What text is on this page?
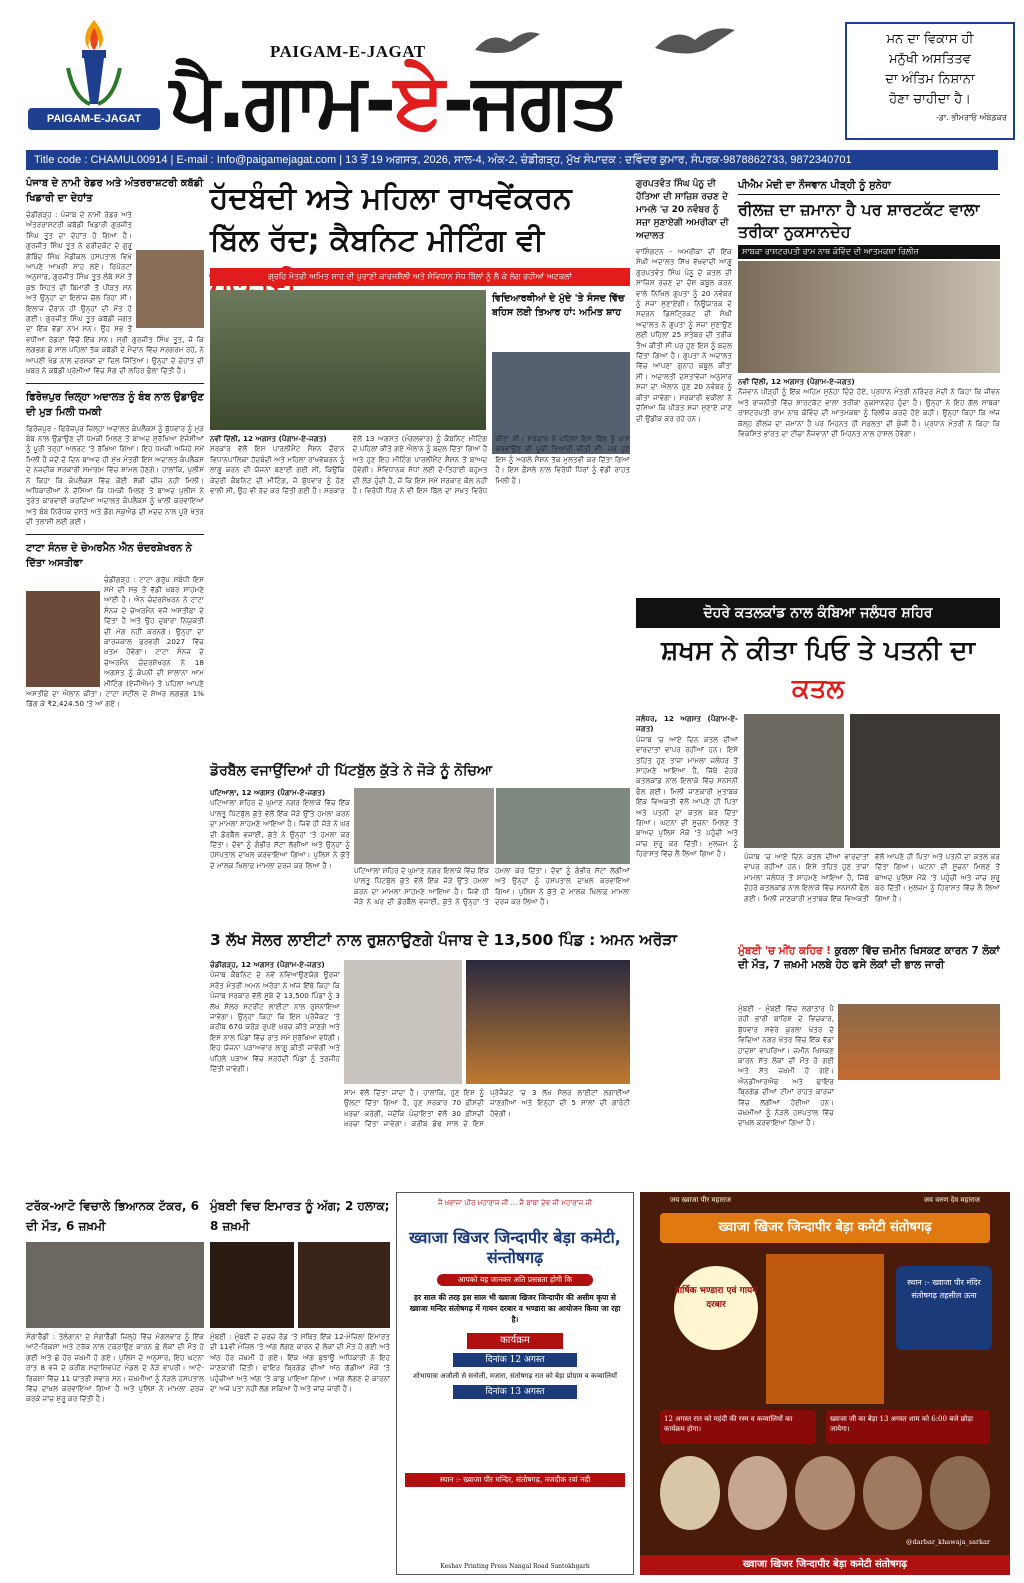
PAIGAM-E-JAGAT
PAIGAM-E-JAGAT
ਪੈ.ਗਾਮ-ਏ-ਜਗਤ
ਮਨ ਦਾ ਵਿਕਾਸ ਹੀ
ਮਨੁੱਖੀ ਅਸਤਿਤਵ
ਦਾ ਅੰਤਿਮ ਨਿਸ਼ਾਨਾ
ਹੋਣਾ ਚਾਹੀਦਾ ਹੈ।
-ਡਾ. ਭੀਮਰਾਓ ਅੰਬੇਡਕਰ
Title code : CHAMUL00914 | E-mail : Info@paigamejagat.com | 13 ਤੋਂ 19 ਅਗਸਤ, 2026, ਸਾਲ-4, ਅੰਕ-2, ਚੰਡੀਗੜ੍ਹ, ਮੁੱਖ ਸੰਪਾਦਕ : ਦਵਿੰਦਰ ਕੁਮਾਰ, ਸੰਪਰਕ-9878862733, 9872340701
ਪੰਜਾਬ ਦੇ ਨਾਮੀ ਰੇਡਰ ਅਤੇ ਅੰਤਰਰਾਸ਼ਟਰੀ ਕਬੱਡੀ ਖਿਡਾਰੀ ਦਾ ਦੇਹਾਂਤ
ਚੰਡੀਗੜ੍ਹ : ਪੰਜਾਬ ਦੇ ਨਾਮੀ ਰੇਡਰ ਅਤੇ ਅੰਤਰਰਾਸ਼ਟਰੀ ਕਬੱਡੀ ਖਿਡਾਰੀ ਗੁਰਜੀਤ ਸਿੰਘ ਤੂਤ ਦਾ ਦੇਹਾਂਤ ਹੋ ਗਿਆ ਹੈ। ਗੁਰਜੀਤ ਸਿੰਘ ਤੂਤ ਨੇ ਫਰੀਦਕੋਟ ਦੇ ਗੁਰੂ ਗੋਬਿੰਦ ਸਿੰਘ ਮੈਡੀਕਲ ਹਸਪਤਾਲ ਵਿਖੇ ਆਪਣੇ ਆਖ਼ਰੀ ਸਾਹ ਲਏ। ਰਿਪੋਰਟਾਂ ਅਨੁਸਾਰ, ਗੁਰਜੀਤ ਸਿੰਘ ਤੂਤ ਲੰਬੇ ਸਮੇਂ ਤੋਂ ਕੁਝ ਸਿਹਤ ਦੀ ਬਿਮਾਰੀ ਤੋਂ ਪੀੜਤ ਸਨ ਅਤੇ ਉਨ੍ਹਾਂ ਦਾ ਇਲਾਜ ਚੱਲ ਰਿਹਾ ਸੀ। ਇਲਾਜ ਦੌਰਾਨ ਹੀ ਉਨ੍ਹਾਂ ਦੀ ਮੌਤ ਹੋ ਗਈ। ਗੁਰਜੀਤ ਸਿੰਘ ਤੂਤ ਕਬੱਡੀ ਜਗਤ ਦਾ ਇੱਕ ਵੱਡਾ ਨਾਮ ਸਨ। ਉਹ ਸਭ ਤੋਂ ਵਧੀਆ ਰੇਡਰਾਂ ਵਿੱਚੋਂ ਇੱਕ ਸਨ। ਸ੍ਰੀ ਗੁਰਜੀਤ ਸਿੰਘ ਤੂਤ, ਜੋ ਕਿ ਲਗਭਗ ਛੇ ਸਾਲ ਪਹਿਲਾਂ ਤੱਕ ਕਬੱਡੀ ਦੇ ਮੈਦਾਨ ਵਿੱਚ ਸਰਗਰਮ ਰਹੇ, ਨੇ ਆਪਣੀ ਖੇਡ ਨਾਲ ਦਰਸ਼ਕਾਂ ਦਾ ਦਿਲ ਜਿੱਤਿਆ। ਉਨ੍ਹਾਂ ਦੇ ਦੇਹਾਂਤ ਦੀ ਖ਼ਬਰ ਨੇ ਕਬੱਡੀ ਪ੍ਰੇਮੀਆਂ ਵਿੱਚ ਸੋਗ ਦੀ ਲਹਿਰ ਫੈਲਾ ਦਿੱਤੀ ਹੈ।
ਫਿਰੋਜ਼ਪੁਰ ਜ਼ਿਲ੍ਹਾ ਅਦਾਲਤ ਨੂੰ ਬੰਬ ਨਾਲ ਉਡਾਉਣ ਦੀ ਮੁੜ ਮਿਲੀ ਧਮਕੀ
ਫਿਰੋਜ਼ਪੁਰ - ਫਿਰੋਜ਼ਪੁਰ ਜ਼ਿਲ੍ਹਾ ਅਦਾਲਤ ਕੰਪਲੈਕਸ ਨੂੰ ਬੁੱਧਵਾਰ ਨੂੰ ਮੁੜ ਬੰਬ ਨਾਲ ਉਡਾਉਣ ਦੀ ਧਮਕੀ ਮਿਲਣ ਤੋਂ ਬਾਅਦ ਸੁਰੱਖਿਆ ਏਜੰਸੀਆਂ ਨੂੰ ਪੂਰੀ ਤਰ੍ਹਾਂ ਅਲਰਟ 'ਤੇ ਰੱਖਿਆ ਗਿਆ। ਇਹ ਧਮਕੀ ਅਜਿਹੇ ਸਮੇਂ ਮਿਲੀ ਹੈ ਜਦੋਂ ਦੋ ਦਿਨ ਬਾਅਦ ਹੀ ਮੁੱਖ ਮੰਤਰੀ ਇਸ ਅਦਾਲਤ ਕੰਪਲੈਕਸ ਦੇ ਨਜ਼ਦੀਕ ਸਰਕਾਰੀ ਸਮਾਗਮ ਵਿੱਚ ਸ਼ਾਮਲ ਹੋਣਗੇ। ਹਾਲਾਂਕਿ, ਪੁਲੀਸ ਨੇ ਕਿਹਾ ਕਿ ਕੰਪਲੈਕਸ ਵਿੱਚ ਕੋਈ ਸ਼ੱਕੀ ਚੀਜ਼ ਨਹੀਂ ਮਿਲੀ। ਅਧਿਕਾਰੀਆਂ ਨੇ ਦੱਸਿਆ ਕਿ ਧਮਕੀ ਮਿਲਣ ਤੋਂ ਬਾਅਦ ਪੁਲੀਸ ਨੇ ਤੁਰੰਤ ਕਾਰਵਾਈ ਕਰਦਿਆਂ ਅਦਾਲਤ ਕੰਪਲੈਕਸ ਨੂੰ ਖਾਲੀ ਕਰਵਾਇਆ ਅਤੇ ਬੰਬ ਨਿਰੋਧਕ ਦਸਤੇ ਅਤੇ ਡੌਗ ਸਕੁਐਡ ਦੀ ਮਦਦ ਨਾਲ ਪੂਰੇ ਖੇਤਰ ਦੀ ਤਲਾਸ਼ੀ ਲਈ ਗਈ।
ਟਾਟਾ ਸੰਨਜ਼ ਦੇ ਚੇਅਰਮੈਨ ਐਨ ਚੰਦਰਸ਼ੇਖਰਨ ਨੇ ਦਿੱਤਾ ਅਸਤੀਫਾ
ਚੰਡੀਗੜ੍ਹ : ਟਾਟਾ ਗਰੁੱਪ ਸਬੰਧੀ ਇਸ ਸਮੇਂ ਦੀ ਸਭ ਤੋਂ ਵੱਡੀ ਖ਼ਬਰ ਸਾਹਮਣੇ ਆਈ ਹੈ। ਐਨ ਚੰਦਰਸ਼ੇਖਰਨ ਨੇ ਟਾਟਾ ਸੰਨਜ਼ ਦੇ ਚੇਅਰਮੈਨ ਵਜੋਂ ਅਸਤੀਫ਼ਾ ਦੇ ਦਿੱਤਾ ਹੈ ਅਤੇ ਉਹ ਦੁਬਾਰਾ ਨਿਯੁਕਤੀ ਦੀ ਮੰਗ ਨਹੀਂ ਕਰਨਗੇ। ਉਨ੍ਹਾਂ ਦਾ ਕਾਰਜਕਾਲ ਫਰਵਰੀ 2027 ਵਿੱਚ ਖ਼ਤਮ ਹੋਵੇਗਾ। ਟਾਟਾ ਸੰਨਜ਼ ਦੇ ਚੇਅਰਮੈਨ ਚੰਦਰਸ਼ੇਖਰਨ ਨੇ 18 ਅਗਸਤ ਨੂੰ ਕੰਪਨੀ ਦੀ ਸਾਲਾਨਾ ਆਮ ਮੀਟਿੰਗ (ਏਜੀਐਮ) ਤੋਂ ਪਹਿਲਾਂ ਆਪਣੇ ਅਸਤੀਫ਼ੇ ਦਾ ਐਲਾਨ ਕੀਤਾ। ਟਾਟਾ ਸਟੀਲ ਦੇ ਸ਼ੇਅਰ ਲਗਭਗ 1% ਡਿੱਗ ਕੇ ₹2,424.50 'ਤੇ ਆ ਗਏ।
ਹੱਦਬੰਦੀ ਅਤੇ ਮਹਿਲਾ ਰਾਖਵੇਂਕਰਨ ਬਿੱਲ ਰੱਦ; ਕੈਬਨਿਟ ਮੀਟਿੰਗ ਵੀ
ਗ੍ਰਹਿ ਮੰਤਰੀ ਅਮਿਤ ਸ਼ਾਹ ਦੀ ਪੁਰਾਣੀ ਕਾਰਜਸ਼ੈਲੀ ਅਤੇ ਸੰਵਿਧਾਨ ਸੋਧ ਬਿੱਲਾਂ ਨੂੰ ਲੈ ਕੇ ਲੱਗ ਰਹੀਆਂ ਅਟਕਲਾਂ
ਵਿਦਿਆਰਥੀਆਂ ਦੇ ਮੁੱਦੇ 'ਤੇ ਸੰਸਦ ਵਿੱਚ ਬਹਿਸ ਲਈ ਤਿਆਰ ਹਾਂ: ਅਮਿਤ ਸ਼ਾਹ
ਨਵੀਂ ਦਿੱਲੀ, 12 ਅਗਸਤ (ਪੈਗਾਮ-ਏ-ਜਗਤ)
ਸਰਕਾਰ ਵੱਲੋਂ ਇਸ ਪਾਰਲੀਮੈਂਟ ਸੈਸ਼ਨ ਦੌਰਾਨ ਵਿਧਾਨਪਾਲਿਕਾ ਹੱਦਬੰਦੀ ਅਤੇ ਮਹਿਲਾ ਰਾਖਵੇਂਕਰਨ ਨੂੰ ਲਾਗੂ ਕਰਨ ਦੀ ਯੋਜਨਾ ਬਣਾਈ ਗਈ ਸੀ, ਕਿਉਂਕਿ ਕੇਂਦਰੀ ਕੈਬਨਿਟ ਦੀ ਮੀਟਿੰਗ, ਜੋ ਬੁੱਧਵਾਰ ਨੂੰ ਹੋਣ ਵਾਲੀ ਸੀ, ਉਹ ਵੀ ਰੱਦ ਕਰ ਦਿੱਤੀ ਗਈ ਹੈ। ਸਰਕਾਰ ਵੱਲੋਂ 13 ਅਗਸਤ (ਮੰਗਲਵਾਰ) ਨੂੰ ਕੈਬਨਿਟ ਮੀਟਿੰਗ ਦੇ ਪਹਿਲਾਂ ਕੀਤੇ ਗਏ ਐਲਾਨ ਨੂੰ ਬਦਲ ਦਿੱਤਾ ਗਿਆ ਹੈ ਅਤੇ ਹੁਣ ਇਹ ਮੀਟਿੰਗ ਪਾਰਲੀਮੈਂਟ ਸੈਸ਼ਨ ਤੋਂ ਬਾਅਦ ਹੋਵੇਗੀ। ਸੰਵਿਧਾਨਕ ਸੋਧਾਂ ਲਈ ਦੋ-ਤਿਹਾਈ ਬਹੁਮਤ ਦੀ ਲੋੜ ਹੁੰਦੀ ਹੈ, ਜੋ ਕਿ ਇਸ ਸਮੇਂ ਸਰਕਾਰ ਕੋਲ ਨਹੀਂ ਹੈ। ਵਿਰੋਧੀ ਧਿਰ ਨੇ ਵੀ ਇਸ ਬਿੱਲ ਦਾ ਸਖ਼ਤ ਵਿਰੋਧ ਕੀਤਾ ਸੀ। ਸਰਕਾਰ ਨੇ ਪਹਿਲਾਂ ਇਸ ਬਿੱਲ ਨੂੰ ਪਾਸ ਕਰਵਾਉਣ ਦੀ ਪੂਰੀ ਤਿਆਰੀ ਕੀਤੀ ਸੀ, ਪਰ ਹੁਣ ਇਸ ਨੂੰ ਅਗਲੇ ਸੈਸ਼ਨ ਤੱਕ ਮੁਲਤਵੀ ਕਰ ਦਿੱਤਾ ਗਿਆ ਹੈ। ਇਸ ਫ਼ੈਸਲੇ ਨਾਲ ਵਿਰੋਧੀ ਧਿਰਾਂ ਨੂੰ ਵੱਡੀ ਰਾਹਤ ਮਿਲੀ ਹੈ।
ਗੁਰਪਤਵੰਤ ਸਿੰਘ ਪੰਨੂ ਦੀ ਹੱਤਿਆ ਦੀ ਸਾਜ਼ਿਸ਼ ਰਚਣ ਦੇ ਮਾਮਲੇ 'ਚ 20 ਨਵੰਬਰ ਨੂੰ ਸਜ਼ਾ ਸੁਣਾਏਗੀ ਅਮਰੀਕਾ ਦੀ ਅਦਾਲਤ
ਵਾਸ਼ਿੰਗਟਨ - ਅਮਰੀਕਾ ਦੀ ਇੱਕ ਸੰਘੀ ਅਦਾਲਤ ਸਿੱਖ ਵੱਖਵਾਦੀ ਆਗੂ ਗੁਰਪਤਵੰਤ ਸਿੰਘ ਪੰਨੂ ਦੇ ਕਤਲ ਦੀ ਸਾਜ਼ਿਸ਼ ਰਚਣ ਦਾ ਦੋਸ਼ ਕਬੂਲ ਕਰਨ ਵਾਲੇ ਨਿਖਿਲ ਗੁਪਤਾ ਨੂੰ 20 ਨਵੰਬਰ ਨੂੰ ਸਜ਼ਾ ਸੁਣਾਏਗੀ। ਨਿਊਯਾਰਕ ਦੇ ਸਦਰਨ ਡਿਸਟ੍ਰਿਕਟ ਦੀ ਸੰਘੀ ਅਦਾਲਤ ਨੇ ਗੁਪਤਾ ਨੂੰ ਸਜ਼ਾ ਸੁਣਾਉਣ ਲਈ ਪਹਿਲਾਂ 25 ਸਤੰਬਰ ਦੀ ਤਰੀਕ ਤੈਅ ਕੀਤੀ ਸੀ ਪਰ ਹੁਣ ਇਸ ਨੂੰ ਬਦਲ ਦਿੱਤਾ ਗਿਆ ਹੈ। ਗੁਪਤਾ ਨੇ ਅਦਾਲਤ ਵਿੱਚ ਆਪਣਾ ਗੁਨਾਹ ਕਬੂਲ ਕੀਤਾ ਸੀ। ਅਦਾਲਤੀ ਦਸਤਾਵੇਜ਼ਾਂ ਅਨੁਸਾਰ ਸਜ਼ਾ ਦਾ ਐਲਾਨ ਹੁਣ 20 ਨਵੰਬਰ ਨੂੰ ਕੀਤਾ ਜਾਵੇਗਾ। ਸਰਕਾਰੀ ਵਕੀਲਾਂ ਨੇ ਦੱਸਿਆ ਕਿ ਪੀੜਤ ਸਜ਼ਾ ਸੁਣਾਏ ਜਾਣ ਦੀ ਉਡੀਕ ਕਰ ਰਹੇ ਹਨ।
ਪੀਐਮ ਮੋਦੀ ਦਾ ਨੌਜਵਾਨ ਪੀੜ੍ਹੀ ਨੂੰ ਸੁਨੇਹਾ
ਰੀਲਜ਼ ਦਾ ਜ਼ਮਾਨਾ ਹੈ ਪਰ ਸ਼ਾਰਟਕੱਟ ਵਾਲਾ ਤਰੀਕਾ ਨੁਕਸਾਨਦੇਹ
ਸਾਬਕਾ ਰਾਸ਼ਟਰਪਤੀ ਰਾਮ ਨਾਥ ਕੋਵਿੰਦ ਦੀ ਆਤਮਕਥਾ ਰਿਲੀਜ਼
ਨਵੀਂ ਦਿੱਲੀ, 12 ਅਗਸਤ (ਪੈਗਾਮ-ਏ-ਜਗਤ)
ਨੌਜਵਾਨ ਪੀੜ੍ਹੀ ਨੂੰ ਇੱਕ ਅਹਿਮ ਸੁਨੇਹਾ ਦਿੰਦੇ ਹੋਏ, ਪ੍ਰਧਾਨ ਮੰਤਰੀ ਨਰਿੰਦਰ ਮੋਦੀ ਨੇ ਕਿਹਾ ਕਿ ਜੀਵਨ ਅਤੇ ਰਾਜਨੀਤੀ ਵਿੱਚ ਸ਼ਾਰਟਕੱਟ ਵਾਲਾ ਤਰੀਕਾ ਨੁਕਸਾਨਦੇਹ ਹੁੰਦਾ ਹੈ। ਉਨ੍ਹਾਂ ਨੇ ਇਹ ਗੱਲ ਸਾਬਕਾ ਰਾਸ਼ਟਰਪਤੀ ਰਾਮ ਨਾਥ ਕੋਵਿੰਦ ਦੀ ਆਤਮਕਥਾ ਨੂੰ ਰਿਲੀਜ਼ ਕਰਦੇ ਹੋਏ ਕਹੀ। ਉਨ੍ਹਾਂ ਕਿਹਾ ਕਿ ਅੱਜ ਕੱਲ੍ਹ ਰੀਲਜ਼ ਦਾ ਜ਼ਮਾਨਾ ਹੈ ਪਰ ਮਿਹਨਤ ਹੀ ਸਫ਼ਲਤਾ ਦੀ ਕੁੰਜੀ ਹੈ। ਪ੍ਰਧਾਨ ਮੰਤਰੀ ਨੇ ਕਿਹਾ ਕਿ ਵਿਕਸਿਤ ਭਾਰਤ ਦਾ ਟੀਚਾ ਨੌਜਵਾਨਾਂ ਦੀ ਮਿਹਨਤ ਨਾਲ ਹਾਸਲ ਹੋਵੇਗਾ।
ਦੋਹਰੇ ਕਤਲਕਾਂਡ ਨਾਲ ਕੰਬਿਆ ਜਲੰਧਰ ਸ਼ਹਿਰ
ਸ਼ਖਸ ਨੇ ਕੀਤਾ ਪਿਓ ਤੇ ਪਤਨੀ ਦਾ ਕਤਲ
ਜਲੰਧਰ, 12 ਅਗਸਤ (ਪੈਗਾਮ-ਏ-ਜਗਤ)
ਪੰਜਾਬ 'ਚ ਆਏ ਦਿਨ ਕਤਲ ਦੀਆਂ ਵਾਰਦਾਤਾਂ ਵਾਪਰ ਰਹੀਆਂ ਹਨ। ਇਸੇ ਤਹਿਤ ਹੁਣ ਤਾਜ਼ਾ ਮਾਮਲਾ ਜਲੰਧਰ ਤੋਂ ਸਾਹਮਣੇ ਆਇਆ ਹੈ, ਜਿੱਥੇ ਦੋਹਰੇ ਕਤਲਕਾਂਡ ਨਾਲ ਇਲਾਕੇ ਵਿੱਚ ਸਨਸਨੀ ਫੈਲ ਗਈ। ਮਿਲੀ ਜਾਣਕਾਰੀ ਮੁਤਾਬਕ ਇੱਕ ਵਿਅਕਤੀ ਵੱਲੋਂ ਆਪਣੇ ਹੀ ਪਿਤਾ ਅਤੇ ਪਤਨੀ ਦਾ ਕਤਲ ਕਰ ਦਿੱਤਾ ਗਿਆ। ਘਟਨਾ ਦੀ ਸੂਚਨਾ ਮਿਲਣ ਤੋਂ ਬਾਅਦ ਪੁਲਿਸ ਮੌਕੇ 'ਤੇ ਪਹੁੰਚੀ ਅਤੇ ਜਾਂਚ ਸ਼ੁਰੂ ਕਰ ਦਿੱਤੀ। ਮੁਲਜ਼ਮ ਨੂੰ ਹਿਰਾਸਤ ਵਿੱਚ ਲੈ ਲਿਆ ਗਿਆ ਹੈ।	ਪੰਜਾਬ 'ਚ ਆਏ ਦਿਨ ਕਤਲ ਦੀਆਂ ਵਾਰਦਾਤਾਂ ਵਾਪਰ ਰਹੀਆਂ ਹਨ। ਇਸੇ ਤਹਿਤ ਹੁਣ ਤਾਜ਼ਾ ਮਾਮਲਾ ਜਲੰਧਰ ਤੋਂ ਸਾਹਮਣੇ ਆਇਆ ਹੈ, ਜਿੱਥੇ ਦੋਹਰੇ ਕਤਲਕਾਂਡ ਨਾਲ ਇਲਾਕੇ ਵਿੱਚ ਸਨਸਨੀ ਫੈਲ ਗਈ। ਮਿਲੀ ਜਾਣਕਾਰੀ ਮੁਤਾਬਕ ਇੱਕ ਵਿਅਕਤੀ ਵੱਲੋਂ ਆਪਣੇ ਹੀ ਪਿਤਾ ਅਤੇ ਪਤਨੀ ਦਾ ਕਤਲ ਕਰ ਦਿੱਤਾ ਗਿਆ। ਘਟਨਾ ਦੀ ਸੂਚਨਾ ਮਿਲਣ ਤੋਂ ਬਾਅਦ ਪੁਲਿਸ ਮੌਕੇ 'ਤੇ ਪਹੁੰਚੀ ਅਤੇ ਜਾਂਚ ਸ਼ੁਰੂ ਕਰ ਦਿੱਤੀ। ਮੁਲਜ਼ਮ ਨੂੰ ਹਿਰਾਸਤ ਵਿੱਚ ਲੈ ਲਿਆ ਗਿਆ ਹੈ।
ਮੁੰਬਈ 'ਚ ਮੀਂਹ ਕਹਿਰ ! ਕੁਰਲਾ ਵਿੱਚ ਜ਼ਮੀਨ ਖਿਸਕਣ ਕਾਰਨ 7 ਲੋਕਾਂ ਦੀ ਮੌਤ, 7 ਜ਼ਖ਼ਮੀ ਮਲਬੇ ਹੇਠ ਫਸੇ ਲੋਕਾਂ ਦੀ ਭਾਲ ਜਾਰੀ
ਮੁੰਬਈ - ਮੁੰਬਈ ਵਿੱਚ ਲਗਾਤਾਰ ਪੈ ਰਹੀ ਭਾਰੀ ਬਾਰਿਸ਼ ਦੇ ਵਿਚਕਾਰ, ਬੁੱਧਵਾਰ ਸਵੇਰੇ ਕੁਰਲਾ ਖੇਤਰ ਦੇ ਵਿਦਿਆ ਨਗਰ ਖੇਤਰ ਵਿੱਚ ਇੱਕ ਵੱਡਾ ਹਾਦਸਾ ਵਾਪਰਿਆ। ਜ਼ਮੀਨ ਖਿਸਕਣ ਕਾਰਨ ਸੱਤ ਲੋਕਾਂ ਦੀ ਮੌਤ ਹੋ ਗਈ ਅਤੇ ਸੱਤ ਜ਼ਖ਼ਮੀ ਹੋ ਗਏ। ਐਨਡੀਆਰਐਫ ਅਤੇ ਫਾਇਰ ਬ੍ਰਿਗੇਡ ਦੀਆਂ ਟੀਮਾਂ ਰਾਹਤ ਕਾਰਜਾਂ ਵਿੱਚ ਲੱਗੀਆਂ ਹੋਈਆਂ ਹਨ। ਜ਼ਖ਼ਮੀਆਂ ਨੂੰ ਨੇੜਲੇ ਹਸਪਤਾਲ ਵਿੱਚ ਦਾਖ਼ਲ ਕਰਵਾਇਆ ਗਿਆ ਹੈ।
ਡੋਰਬੈੱਲ ਵਜਾਉਂਦਿਆਂ ਹੀ ਪਿੱਟਬੁੱਲ ਕੁੱਤੇ ਨੇ ਜੋੜੇ ਨੂੰ ਨੋਚਿਆ
ਪਟਿਆਲਾ, 12 ਅਗਸਤ (ਪੈਗਾਮ-ਏ-ਜਗਤ)
ਪਟਿਆਲਾ ਸ਼ਹਿਰ ਦੇ ਘੁਮਾਣ ਨਗਰ ਇਲਾਕੇ ਵਿੱਚ ਇੱਕ ਪਾਲਤੂ ਪਿੱਟਬੁੱਲ ਕੁੱਤੇ ਵੱਲੋਂ ਇੱਕ ਜੋੜੇ ਉੱਤੇ ਹਮਲਾ ਕਰਨ ਦਾ ਮਾਮਲਾ ਸਾਹਮਣੇ ਆਇਆ ਹੈ। ਜਿਵੇਂ ਹੀ ਜੋੜੇ ਨੇ ਘਰ ਦੀ ਡੋਰਬੈੱਲ ਵਜਾਈ, ਕੁੱਤੇ ਨੇ ਉਨ੍ਹਾਂ 'ਤੇ ਹਮਲਾ ਕਰ ਦਿੱਤਾ। ਦੋਵਾਂ ਨੂੰ ਗੰਭੀਰ ਸੱਟਾਂ ਲੱਗੀਆਂ ਅਤੇ ਉਨ੍ਹਾਂ ਨੂੰ ਹਸਪਤਾਲ ਦਾਖ਼ਲ ਕਰਵਾਇਆ ਗਿਆ। ਪੁਲਿਸ ਨੇ ਕੁੱਤੇ ਦੇ ਮਾਲਕ ਖ਼ਿਲਾਫ਼ ਮਾਮਲਾ ਦਰਜ ਕਰ ਲਿਆ ਹੈ।
ਪਟਿਆਲਾ ਸ਼ਹਿਰ ਦੇ ਘੁਮਾਣ ਨਗਰ ਇਲਾਕੇ ਵਿੱਚ ਇੱਕ ਪਾਲਤੂ ਪਿੱਟਬੁੱਲ ਕੁੱਤੇ ਵੱਲੋਂ ਇੱਕ ਜੋੜੇ ਉੱਤੇ ਹਮਲਾ ਕਰਨ ਦਾ ਮਾਮਲਾ ਸਾਹਮਣੇ ਆਇਆ ਹੈ। ਜਿਵੇਂ ਹੀ ਜੋੜੇ ਨੇ ਘਰ ਦੀ ਡੋਰਬੈੱਲ ਵਜਾਈ, ਕੁੱਤੇ ਨੇ ਉਨ੍ਹਾਂ 'ਤੇ ਹਮਲਾ ਕਰ ਦਿੱਤਾ। ਦੋਵਾਂ ਨੂੰ ਗੰਭੀਰ ਸੱਟਾਂ ਲੱਗੀਆਂ ਅਤੇ ਉਨ੍ਹਾਂ ਨੂੰ ਹਸਪਤਾਲ ਦਾਖ਼ਲ ਕਰਵਾਇਆ ਗਿਆ। ਪੁਲਿਸ ਨੇ ਕੁੱਤੇ ਦੇ ਮਾਲਕ ਖ਼ਿਲਾਫ਼ ਮਾਮਲਾ ਦਰਜ ਕਰ ਲਿਆ ਹੈ।
3 ਲੱਖ ਸੋਲਰ ਲਾਈਟਾਂ ਨਾਲ ਰੁਸ਼ਨਾਉਣਗੇ ਪੰਜਾਬ ਦੇ 13,500 ਪਿੰਡ : ਅਮਨ ਅਰੋੜਾ
ਚੰਡੀਗੜ੍ਹ, 12 ਅਗਸਤ (ਪੈਗਾਮ-ਏ-ਜਗਤ)
ਪੰਜਾਬ ਕੈਬਨਿਟ ਦੇ ਨਵੇਂ ਨਵਿਆਉਣਯੋਗ ਊਰਜਾ ਸਰੋਤ ਮੰਤਰੀ ਅਮਨ ਅਰੋੜਾ ਨੇ ਅੱਜ ਇੱਥੇ ਕਿਹਾ ਕਿ ਪੰਜਾਬ ਸਰਕਾਰ ਵੱਲੋਂ ਸੂਬੇ ਦੇ 13,500 ਪਿੰਡਾਂ ਨੂੰ 3 ਲੱਖ ਸੋਲਰ ਸਟਰੀਟ ਲਾਈਟਾਂ ਨਾਲ ਰੁਸ਼ਨਾਇਆ ਜਾਵੇਗਾ। ਉਨ੍ਹਾਂ ਕਿਹਾ ਕਿ ਇਸ ਪ੍ਰੋਜੈਕਟ 'ਤੇ ਕਰੀਬ 670 ਕਰੋੜ ਰੁਪਏ ਖ਼ਰਚ ਕੀਤੇ ਜਾਣਗੇ ਅਤੇ ਇਸ ਨਾਲ ਪਿੰਡਾਂ ਵਿੱਚ ਰਾਤ ਸਮੇਂ ਸੁਰੱਖਿਆ ਵਧੇਗੀ। ਇਹ ਯੋਜਨਾ ਪੜਾਅਵਾਰ ਲਾਗੂ ਕੀਤੀ ਜਾਵੇਗੀ ਅਤੇ ਪਹਿਲੇ ਪੜਾਅ ਵਿੱਚ ਸਰਹੱਦੀ ਪਿੰਡਾਂ ਨੂੰ ਤਰਜੀਹ ਦਿੱਤੀ ਜਾਵੇਗੀ।
ਸ਼ਾਮ ਵੱਲੋਂ ਦਿੱਤਾ ਜਾਂਦਾ ਹੈ। ਹਾਲਾਂਕਿ, ਹੁਣ ਇਸ ਨੂੰ ਉਲਟਾ ਦਿੱਤਾ ਗਿਆ ਹੈ, ਹੁਣ ਸਰਕਾਰ 70 ਫ਼ੀਸਦੀ ਖ਼ਰਚਾ ਕਰੇਗੀ, ਜਦੋਂਕਿ ਪੰਚਾਇਤਾਂ ਵੱਲੋਂ 30 ਫ਼ੀਸਦੀ ਖ਼ਰਚਾ ਦਿੱਤਾ ਜਾਵੇਗਾ। ਕਰੀਬ ਡੇਢ ਸਾਲ ਦੇ ਇਸ ਪ੍ਰੋਜੈਕਟ 'ਚ 3 ਲੱਖ ਸੋਲਰ ਲਾਈਟਾਂ ਲਗਾਈਆਂ ਜਾਣਗੀਆਂ ਅਤੇ ਇਨ੍ਹਾਂ ਦੀ 5 ਸਾਲਾਂ ਦੀ ਗਾਰੰਟੀ ਹੋਵੇਗੀ।
ਟਰੱਕ-ਆਟੋ ਵਿਚਾਲੇ ਭਿਆਨਕ ਟੱਕਰ, 6 ਦੀ ਮੌਤ, 6 ਜ਼ਖ਼ਮੀ
ਸੰਗਾਰੈੱਡੀ : ਤੇਲੰਗਾਨਾ ਦੇ ਸੰਗਾਰੈੱਡੀ ਜ਼ਿਲ੍ਹੇ ਵਿੱਚ ਮੰਗਲਵਾਰ ਨੂੰ ਇੱਕ ਆਟੋ-ਰਿਕਸ਼ਾ ਅਤੇ ਟਰੱਕ ਨਾਲ ਟਕਰਾਉਣ ਕਾਰਨ ਛੇ ਲੋਕਾਂ ਦੀ ਮੌਤ ਹੋ ਗਈ ਅਤੇ ਛੇ ਹੋਰ ਜ਼ਖ਼ਮੀ ਹੋ ਗਏ। ਪੁਲਿਸ ਦੇ ਅਨੁਸਾਰ, ਇਹ ਘਟਨਾ ਰਾਤ 8 ਵਜੇ ਦੇ ਕਰੀਬ ਸਦਾਸ਼ਿਵਪੇਟ ਮੰਡਲ ਦੇ ਨੇੜੇ ਵਾਪਰੀ। ਆਟੋ-ਰਿਕਸ਼ਾ ਵਿੱਚ 11 ਯਾਤਰੀ ਸਵਾਰ ਸਨ। ਜ਼ਖ਼ਮੀਆਂ ਨੂੰ ਨੇੜਲੇ ਹਸਪਤਾਲ ਵਿੱਚ ਦਾਖ਼ਲ ਕਰਵਾਇਆ ਗਿਆ ਹੈ ਅਤੇ ਪੁਲਿਸ ਨੇ ਮਾਮਲਾ ਦਰਜ ਕਰਕੇ ਜਾਂਚ ਸ਼ੁਰੂ ਕਰ ਦਿੱਤੀ ਹੈ।
ਮੁੰਬਈ ਵਿਚ ਇਮਾਰਤ ਨੂੰ ਅੱਗ; 2 ਹਲਾਕ; 8 ਜ਼ਖ਼ਮੀ
ਮੁੰਬਈ : ਮੁੰਬਈ ਦੇ ਚਰਚ ਰੋਡ 'ਤੇ ਸਥਿਤ ਇੱਕ 12-ਮੰਜ਼ਿਲਾ ਇਮਾਰਤ ਦੀ 11ਵੀਂ ਮੰਜ਼ਿਲ 'ਤੇ ਅੱਗ ਲੱਗਣ ਕਾਰਨ ਦੋ ਲੋਕਾਂ ਦੀ ਮੌਤ ਹੋ ਗਈ ਅਤੇ ਅੱਠ ਹੋਰ ਜ਼ਖ਼ਮੀ ਹੋ ਗਏ। ਇੱਕ ਅੱਗ ਬੁਝਾਊ ਅਧਿਕਾਰੀ ਨੇ ਇਹ ਜਾਣਕਾਰੀ ਦਿੱਤੀ। ਫਾਇਰ ਬ੍ਰਿਗੇਡ ਦੀਆਂ ਅੱਠ ਗੱਡੀਆਂ ਮੌਕੇ 'ਤੇ ਪਹੁੰਚੀਆਂ ਅਤੇ ਅੱਗ 'ਤੇ ਕਾਬੂ ਪਾਇਆ ਗਿਆ। ਅੱਗ ਲੱਗਣ ਦੇ ਕਾਰਨਾਂ ਦਾ ਅਜੇ ਪਤਾ ਨਹੀਂ ਲੱਗ ਸਕਿਆ ਹੈ ਅਤੇ ਜਾਂਚ ਜਾਰੀ ਹੈ।
ਜੈ ਖ਼ਵਾਜਾ ਪੀਰ ਮਹਾਰਾਜ ਜੀ ... ਜੈ ਬਾਬਾ ਦੇਵ ਜੀ ਮਹਾਰਾਜ ਜੀ
ख्वाजा खिजर जिन्दापीर बेड़ा कमेटी, संन्तोषगढ़
आपको यह जानकर अति प्रसन्नता होगी कि
हर साल की तरह इस साल भी ख्वाजा खिजर जिन्दापीर की असीम कृपा से ख्वाजा मन्दिर संतोषगढ़ में गायन दरबार व भण्डारा का आयोजन किया जा रहा है।
कार्यक्रम
दिनांक 12 अगस्त
शोभायात्रा अजौली से सनोली, मजारा, संतोषगढ़ रात को बेड़ा प्रोग्राम व कव्वालियाँ
दिनांक 13 अगस्त
स्थान :- ख्वाजा पीर मन्दिर, संतोषगढ़, नजदीक रवां नदी
Keshav Printing Press Nangal Road Santokhgarh
जय ख्वाजा पीर महाराज	जय वरुण देव महाराज
ख्वाजा खिजर जिन्दापीर बेड़ा कमेटी संतोषगढ़
वार्षिक भण्डारा एवं गायन दरबार
स्थान :- ख्वाजा पीर मंदिर संतोषगढ़ तहसील ऊना
12 अगस्त रात को महंदी की रस्म व कव्वालियों का कार्यक्रम होगा।
ख्वाजा जी का बेड़ा 13 अगस्त शाम को 6:00 बजे छोड़ा जायेगा।
@darbar_khawaja_sarkar
ख्वाजा खिजर जिन्दापीर बेड़ा कमेटी संतोषगढ़
